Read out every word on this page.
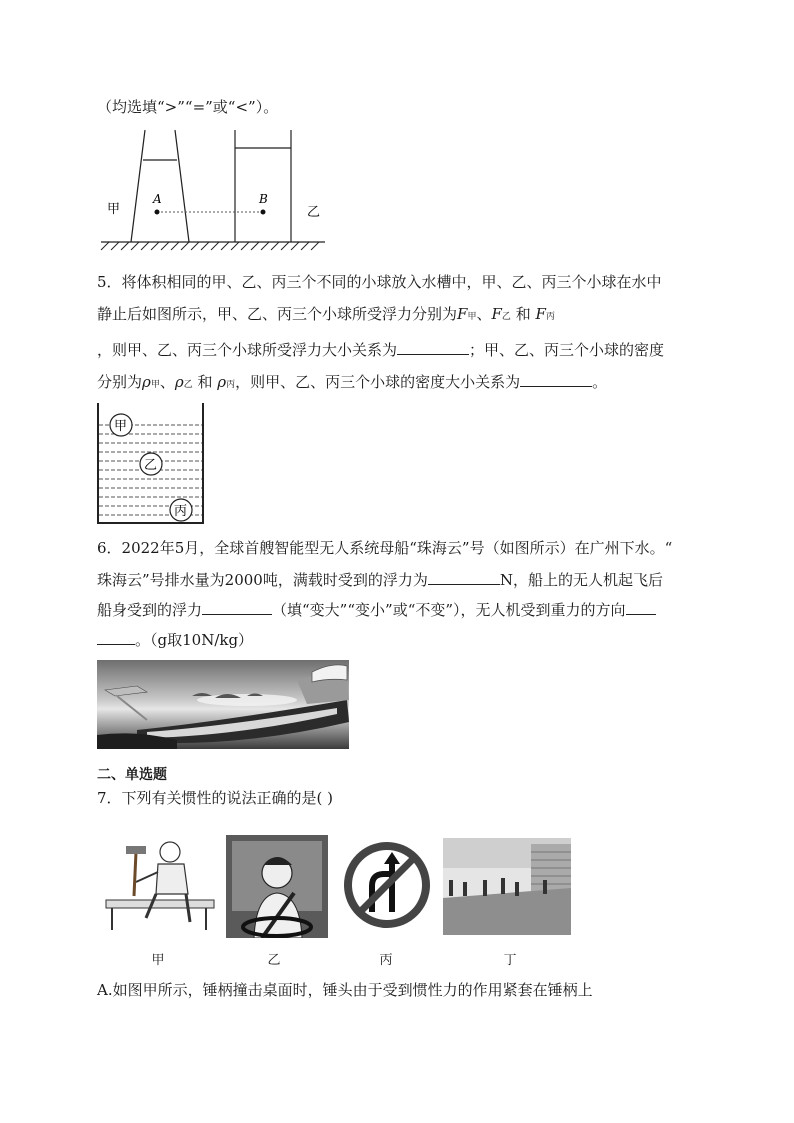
（均选填“>”“=”或“<”）。
A	B
甲	乙
5．将体积相同的甲、乙、丙三个不同的小球放入水槽中，甲、乙、丙三个小球在水中
静止后如图所示，甲、乙、丙三个小球所受浮力分别为F甲、F乙 和 F丙
，则甲、乙、丙三个小球所受浮力大小关系为	；甲、乙、丙三个小球的密度
分别为ρ甲、ρ乙 和 ρ丙，则甲、乙、丙三个小球的密度大小关系为	。
甲
乙
丙
6．2022年5月，全球首艘智能型无人系统母船“珠海云”号（如图所示）在广州下水。“
珠海云”号排水量为2000吨，满载时受到的浮力为	N，船上的无人机起飞后
船身受到的浮力	（填“变大”“变小”或“不变”），无人机受到重力的方向
。（g取10N/kg）
二、单选题
7．下列有关惯性的说法正确的是( )
甲	乙	丙	丁
A.如图甲所示，锤柄撞击桌面时，锤头由于受到惯性力的作用紧套在锤柄上
